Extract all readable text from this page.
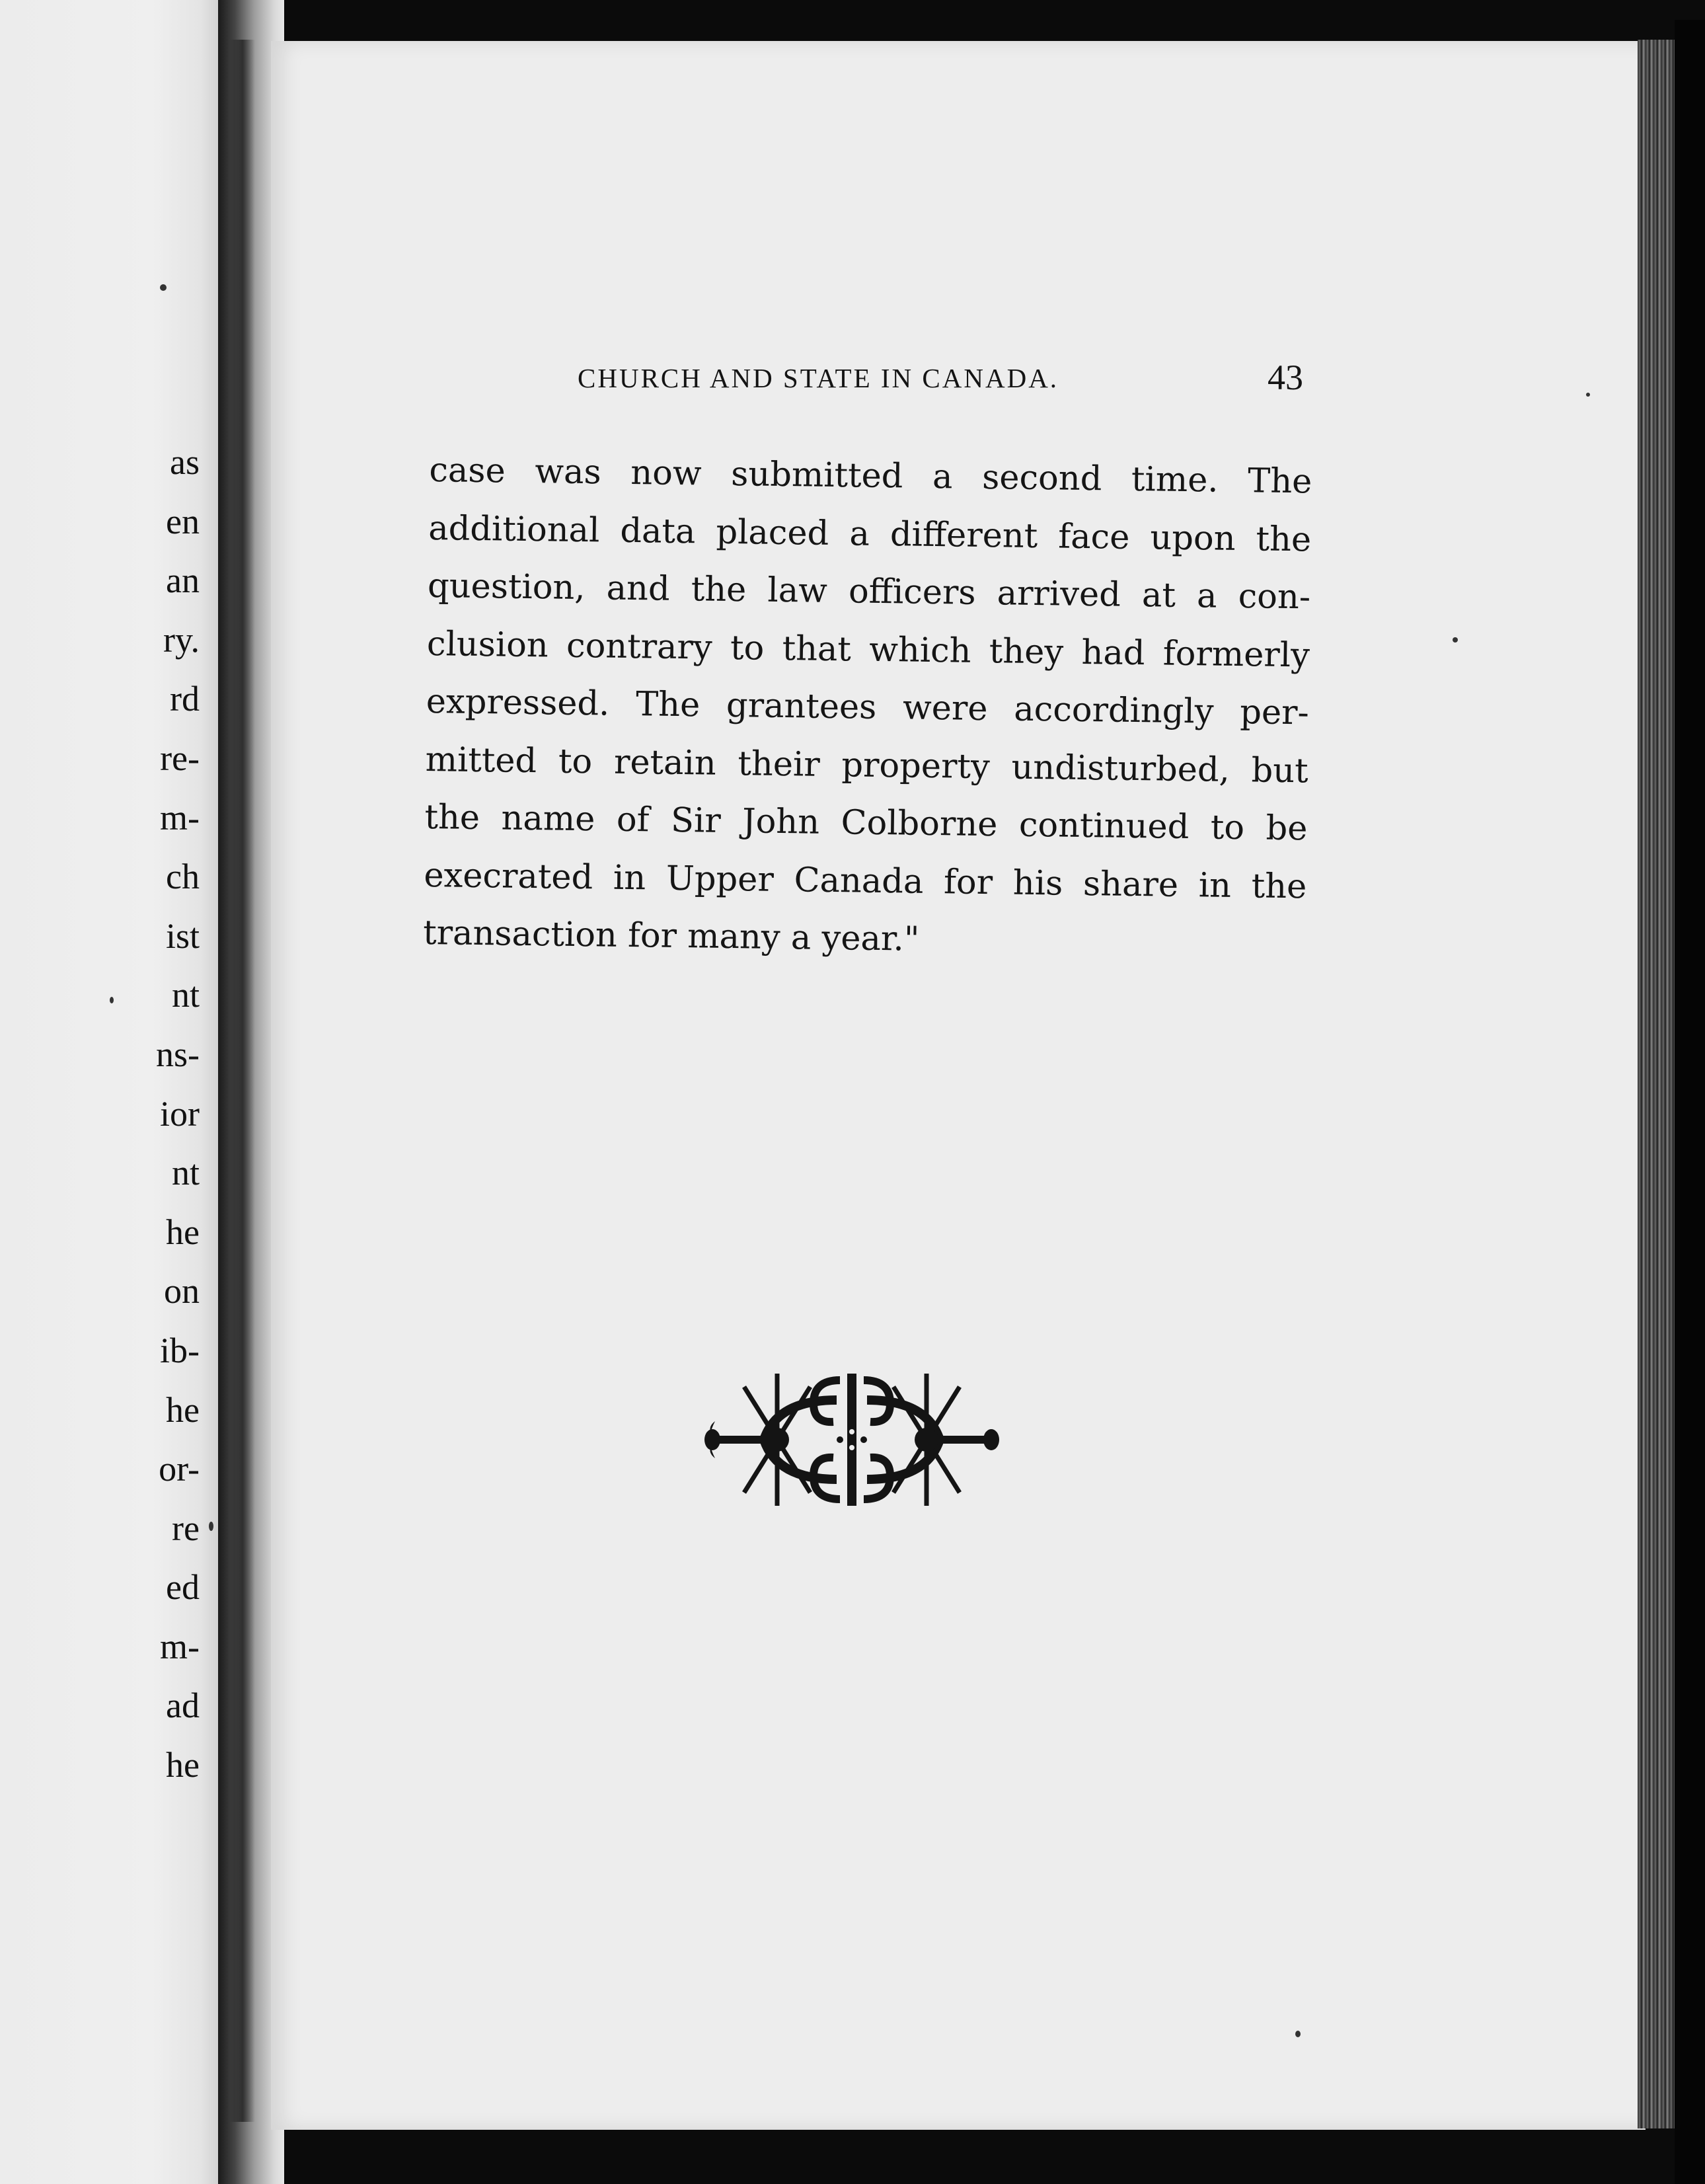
as
en
an
ry.
rd
re-
m-
ch
ist
nt
ns-
ior
nt
he
on
ib-
he
or-
re
ed
m-
ad
he
CHURCH AND STATE IN CANADA.	43
case was now submitted a second time. The
additional data placed a different face upon the
question, and the law officers arrived at a con-
clusion contrary to that which they had formerly
expressed. The grantees were accordingly per-
mitted to retain their property undisturbed, but
the name of Sir John Colborne continued to be
execrated in Upper Canada for his share in the
transaction for many a year."
